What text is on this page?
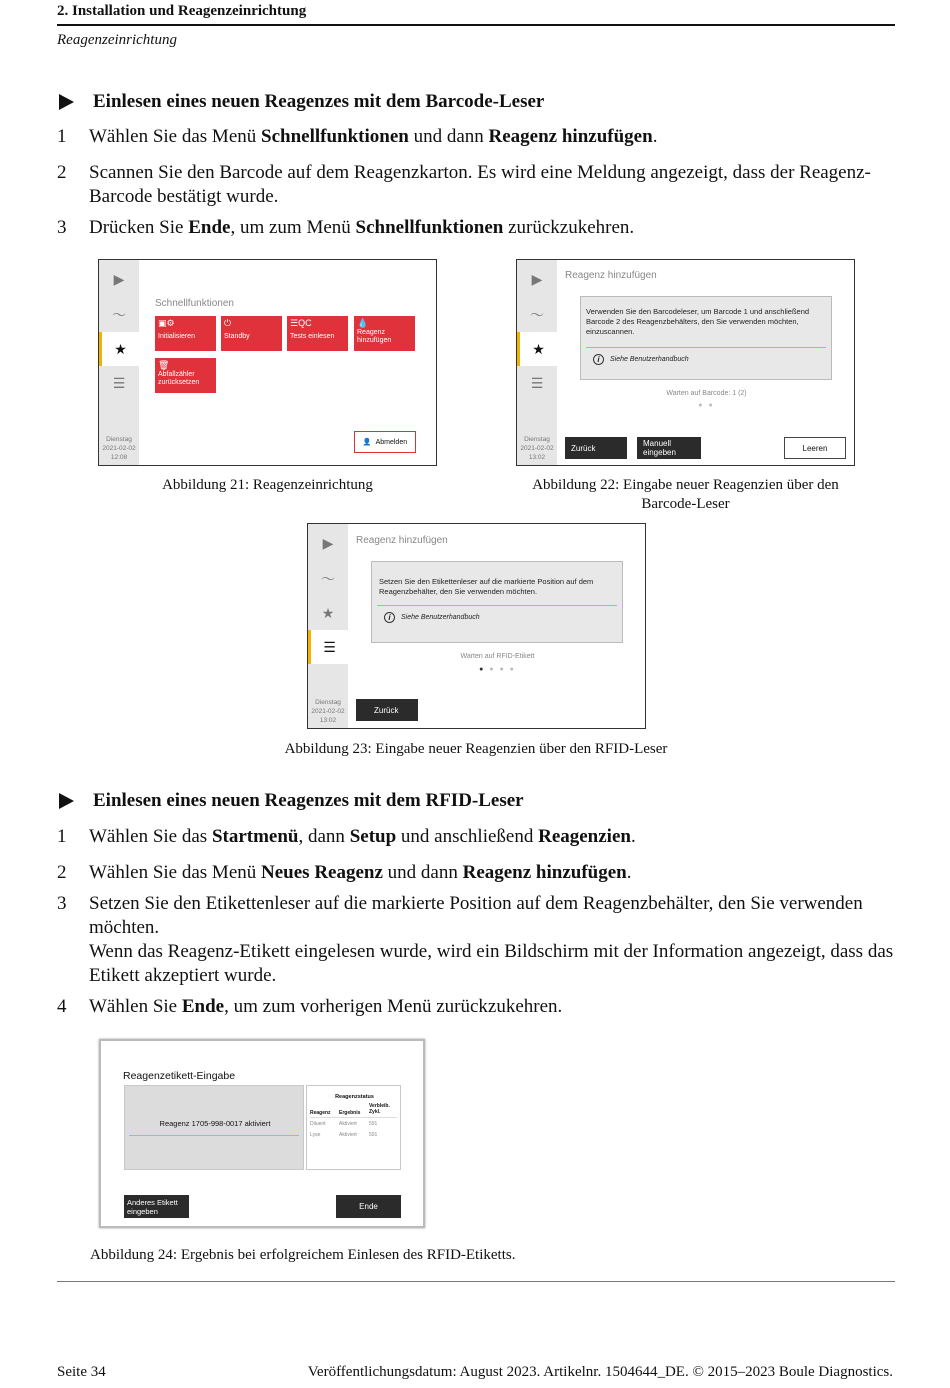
2. Installation und Reagenzeinrichtung
Reagenzeinrichtung
Einlesen eines neuen Reagenzes mit dem Barcode-Leser
1 Wählen Sie das Menü Schnellfunktionen und dann Reagenz hinzufügen.
2 Scannen Sie den Barcode auf dem Reagenzkarton. Es wird eine Meldung angezeigt, dass der Reagenz-Barcode bestätigt wurde.
3 Drücken Sie Ende, um zum Menü Schnellfunktionen zurückzukehren.
▶
〜
★
☰
Dienstag
2021-02-02
12:08
Schnellfunktionen
▣⚙
Initialisieren
⏻
Standby
☰QC
Tests einlesen
💧
Reagenz hinzufügen
🗑
Abfallzähler zurücksetzen
👤 Abmelden
Abbildung 21: Reagenzeinrichtung
▶
〜
★
☰
Dienstag
2021-02-02
13:02
Reagenz hinzufügen
Verwenden Sie den Barcodeleser, um Barcode 1 und anschließend Barcode 2 des Reagenzbehälters, den Sie verwenden möchten, einzuscannen.
i	Siehe Benutzerhandbuch
Warten auf Barcode: 1 (2)
● ●
Zurück	Manuell eingeben	Leeren
Abbildung 22: Eingabe neuer Reagenzien über den Barcode-Leser
▶
〜
★
☰
Dienstag
2021-02-02
13:02
Reagenz hinzufügen
Setzen Sie den Etikettenleser auf die markierte Position auf dem Reagenzbehälter, den Sie verwenden möchten.
i	Siehe Benutzerhandbuch
Warten auf RFID-Etikett
● ● ● ●
Zurück
Abbildung 23: Eingabe neuer Reagenzien über den RFID-Leser
Einlesen eines neuen Reagenzes mit dem RFID-Leser
1 Wählen Sie das Startmenü, dann Setup und anschließend Reagenzien.
2 Wählen Sie das Menü Neues Reagenz und dann Reagenz hinzufügen.
3 Setzen Sie den Etikettenleser auf die markierte Position auf dem Reagenzbehälter, den Sie verwenden möchten.
Wenn das Reagenz-Etikett eingelesen wurde, wird ein Bildschirm mit der Information angezeigt, dass das Etikett akzeptiert wurde.
4 Wählen Sie Ende, um zum vorherigen Menü zurückzukehren.
Reagenzetikett-Eingabe
Reagenz 1705-998-0017 aktiviert
Reagenzstatus
Reagenz Ergebnis
Verbleib. Zykl.
Diluent	Aktiviert 591
Lyse	Aktiviert 591
Anderes Etikett eingeben	Ende
Abbildung 24: Ergebnis bei erfolgreichem Einlesen des RFID-Etiketts.
Seite 34	Veröffentlichungsdatum: August 2023. Artikelnr. 1504644_DE. © 2015–2023 Boule Diagnostics.
